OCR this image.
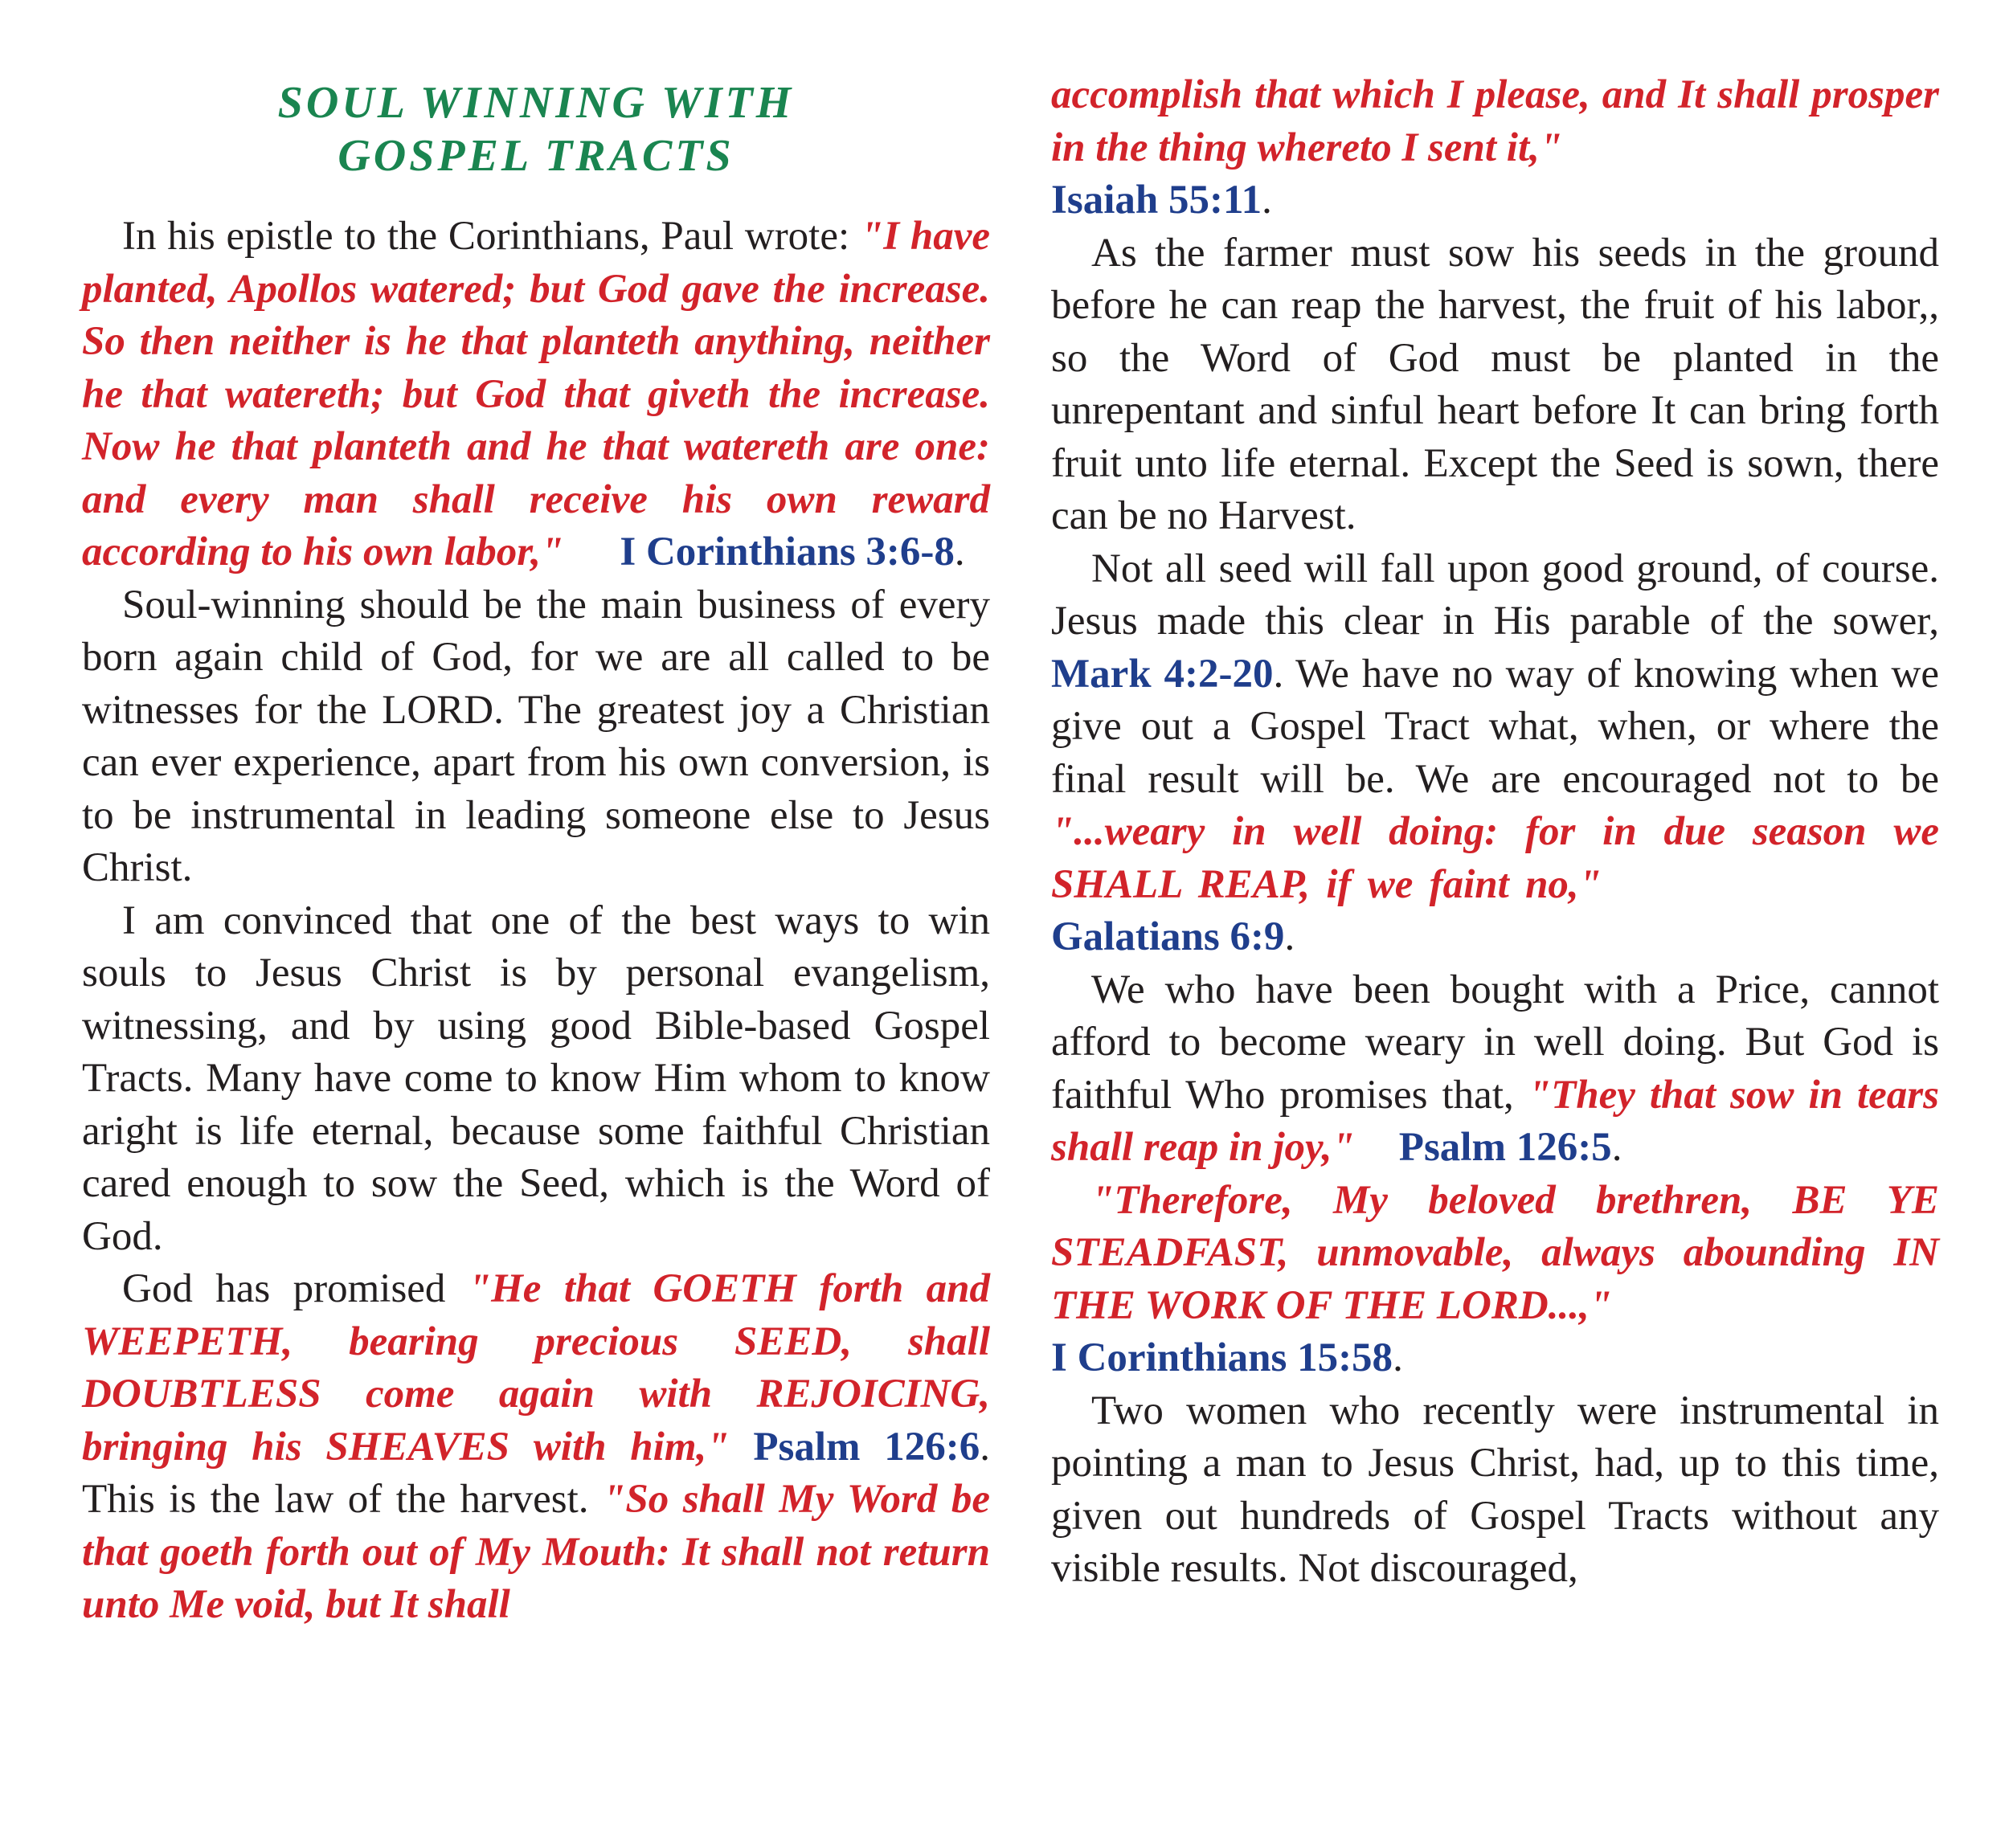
SOUL WINNING WITH
GOSPEL TRACTS

In his epistle to the Corinthians, Paul wrote: "I have planted, Apollos watered; but God gave the increase. So then neither is he that planteth anything, neither he that watereth; but God that giveth the increase. Now he that planteth and he that watereth are one: and every man shall receive his own reward according to his own labor," I Corinthians 3:6-8.

Soul-winning should be the main business of every born again child of God, for we are all called to be witnesses for the LORD. The greatest joy a Christian can ever experience, apart from his own conversion, is to be instrumental in leading someone else to Jesus Christ.

I am convinced that one of the best ways to win souls to Jesus Christ is by personal evangelism, witnessing, and by using good Bible-based Gospel Tracts. Many have come to know Him whom to know aright is life eternal, because some faithful Christian cared enough to sow the Seed, which is the Word of God.

God has promised "He that GOETH forth and WEEPETH, bearing precious SEED, shall DOUBTLESS come again with REJOICING, bringing his SHEAVES with him," Psalm 126:6. This is the law of the harvest. "So shall My Word be that goeth forth out of My Mouth: It shall not return unto Me void, but It shall

accomplish that which I please, and It shall prosper in the thing whereto I sent it,"

Isaiah 55:11.

As the farmer must sow his seeds in the ground before he can reap the harvest, the fruit of his labor,, so the Word of God must be planted in the unrepentant and sinful heart before It can bring forth fruit unto life eternal. Except the Seed is sown, there can be no Harvest.

Not all seed will fall upon good ground, of course. Jesus made this clear in His parable of the sower, Mark 4:2-20. We have no way of knowing when we give out a Gospel Tract what, when, or where the final result will be. We are encouraged not to be "...weary in well doing: for in due season we SHALL REAP, if we faint no,"Galatians 6:9.

We who have been bought with a Price, cannot afford to become weary in well doing. But God is faithful Who promises that, "They that sow in tears shall reap in joy," Psalm 126:5.

"Therefore, My beloved brethren, BE YE STEADFAST, unmovable, always abounding IN THE WORK OF THE LORD...,"

I Corinthians 15:58.

Two women who recently were instrumental in pointing a man to Jesus Christ, had, up to this time, given out hundreds of Gospel Tracts without any visible results. Not discouraged,
